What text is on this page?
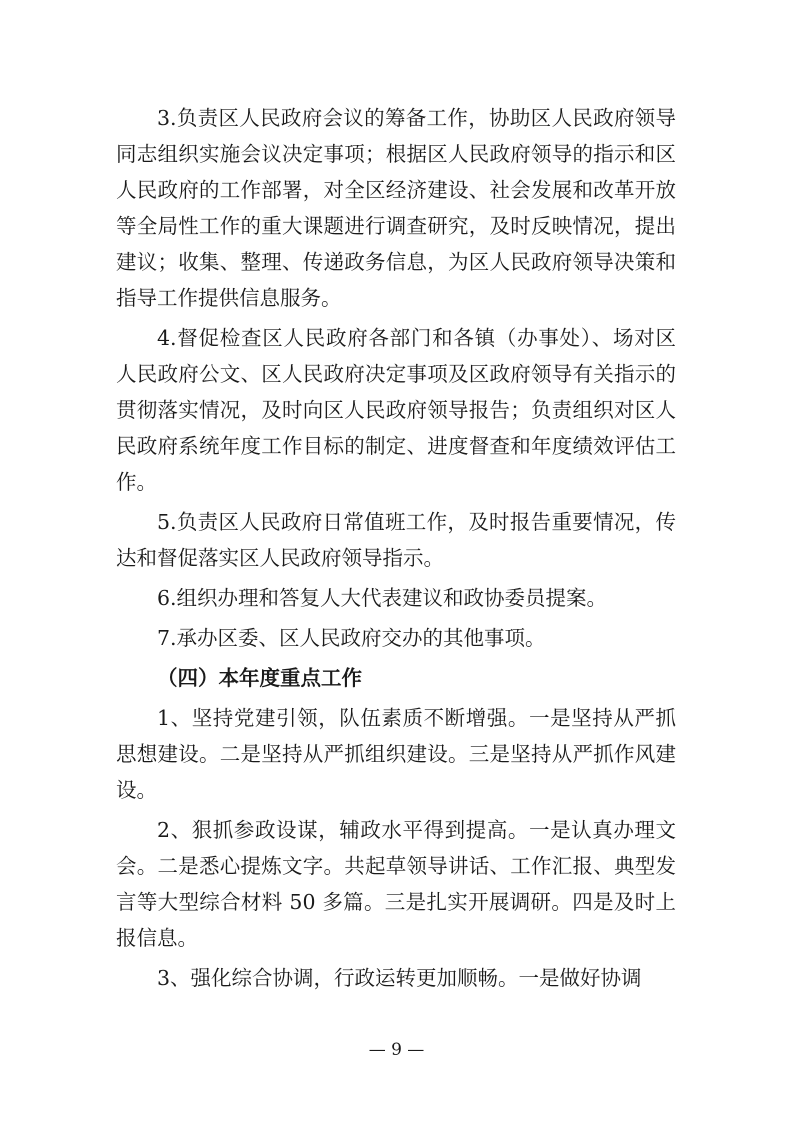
3.负责区人民政府会议的筹备工作，协助区人民政府领导同志组织实施会议决定事项；根据区人民政府领导的指示和区人民政府的工作部署，对全区经济建设、社会发展和改革开放等全局性工作的重大课题进行调查研究，及时反映情况，提出建议；收集、整理、传递政务信息，为区人民政府领导决策和指导工作提供信息服务。

4.督促检查区人民政府各部门和各镇（办事处）、场对区人民政府公文、区人民政府决定事项及区政府领导有关指示的贯彻落实情况，及时向区人民政府领导报告；负责组织对区人民政府系统年度工作目标的制定、进度督查和年度绩效评估工作。

5.负责区人民政府日常值班工作，及时报告重要情况，传达和督促落实区人民政府领导指示。

6.组织办理和答复人大代表建议和政协委员提案。

7.承办区委、区人民政府交办的其他事项。

（四）本年度重点工作

1、坚持党建引领，队伍素质不断增强。一是坚持从严抓思想建设。二是坚持从严抓组织建设。三是坚持从严抓作风建设。

2、狠抓参政设谋，辅政水平得到提高。一是认真办理文会。二是悉心提炼文字。共起草领导讲话、工作汇报、典型发言等大型综合材料 50 多篇。三是扎实开展调研。四是及时上报信息。

3、强化综合协调，行政运转更加顺畅。一是做好协调

— 9 —
